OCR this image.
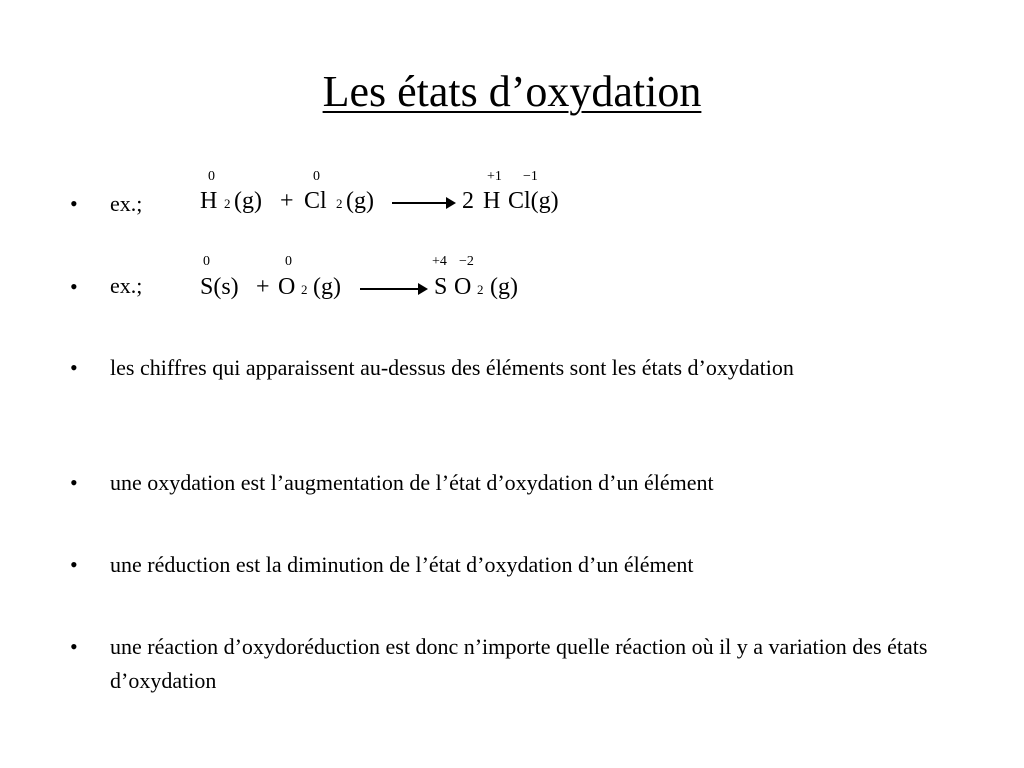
Les états d’oxydation
• ex.;
0	0	+1 −1
H 2 (g) + Cl 2 (g) → 2 H Cl(g)
• ex.;
0	0	+4 −2
S(s) + O 2 (g)	S O 2 (g)
• les chiffres qui apparaissent au-dessus des éléments sont les états d’oxydation
• une oxydation est l’augmentation de l’état d’oxydation d’un élément
• une réduction est la diminution de l’état d’oxydation d’un élément
• une réaction d’oxydoréduction est donc n’importe quelle réaction où il y a variation des états d’oxydation
